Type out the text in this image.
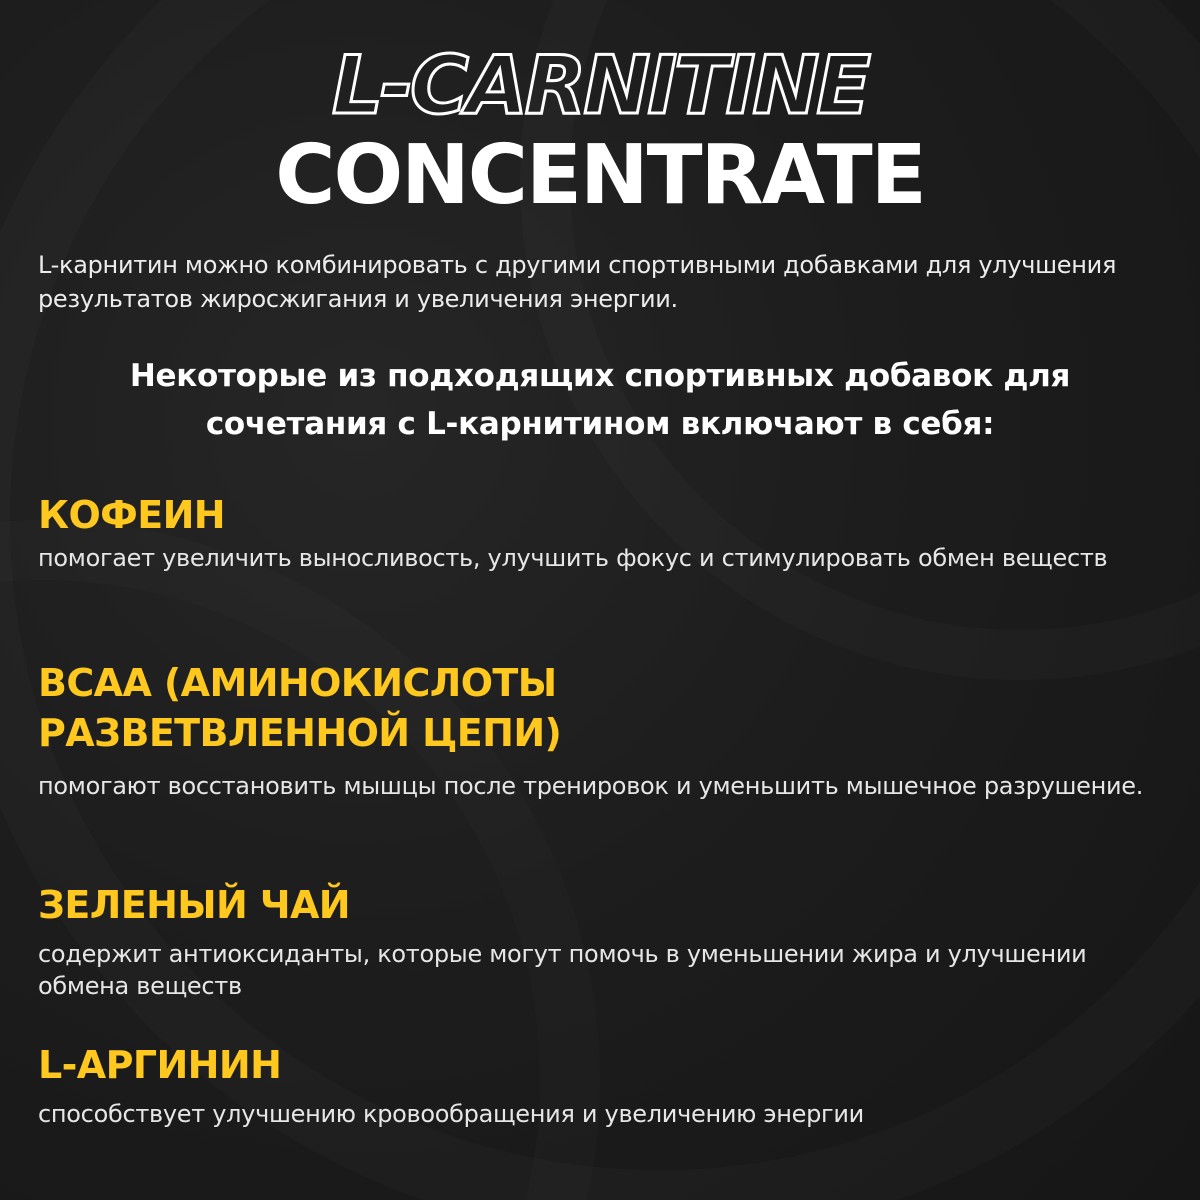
L-CARNITINE
CONCENTRATE

L-карнитин можно комбинировать с другими спортивными добавками для улучшения результатов жиросжигания и увеличения энергии.

Некоторые из подходящих спортивных добавок для сочетания с L-карнитином включают в себя:

КОФЕИН

помогает увеличить выносливость, улучшить фокус и стимулировать обмен веществ

BCAA (АМИНОКИСЛОТЫ РАЗВЕТВЛЕННОЙ ЦЕПИ)

помогают восстановить мышцы после тренировок и уменьшить мышечное разрушение.

ЗЕЛЕНЫЙ ЧАЙ

содержит антиоксиданты, которые могут помочь в уменьшении жира и улучшении обмена веществ

L-АРГИНИН

способствует улучшению кровообращения и увеличению энергии
